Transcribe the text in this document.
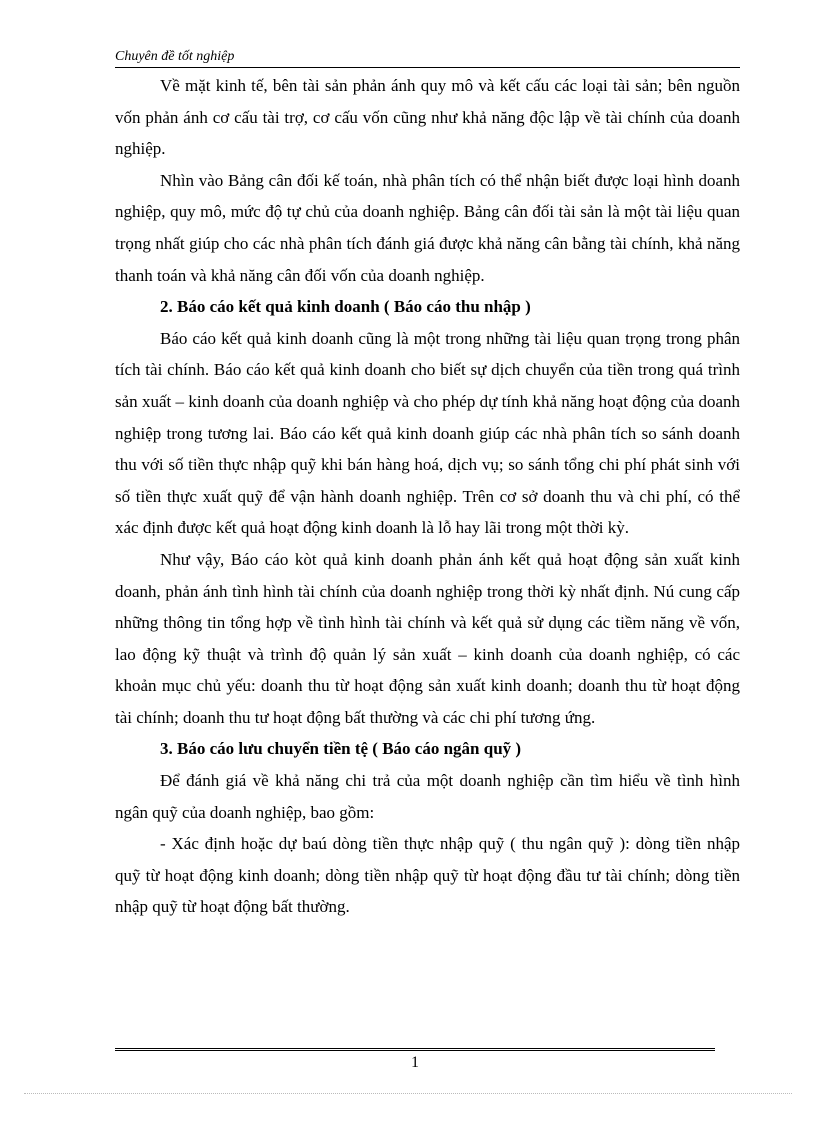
Chuyên đề tốt nghiệp

Về mặt kinh tế, bên tài sản phản ánh quy mô và kết cấu các loại tài sản; bên nguồn vốn phản ánh cơ cấu tài trợ, cơ cấu vốn cũng như khả năng độc lập về tài chính của doanh nghiệp.

Nhìn vào Bảng cân đối kế toán, nhà phân tích có thể nhận biết được loại hình doanh nghiệp, quy mô, mức độ tự chủ của doanh nghiệp. Bảng cân đối tài sản là một tài liệu quan trọng nhất giúp cho các nhà phân tích đánh giá được khả năng cân bằng tài chính, khả năng thanh toán và khả năng cân đối vốn của doanh nghiệp.

2. Báo cáo kết quả kinh doanh ( Báo cáo thu nhập )

Báo cáo kết quả kinh doanh cũng là một trong những tài liệu quan trọng trong phân tích tài chính. Báo cáo kết quả kinh doanh cho biết sự dịch chuyển của tiền trong quá trình sản xuất – kinh doanh của doanh nghiệp và cho phép dự tính khả năng hoạt động của doanh nghiệp trong tương lai. Báo cáo kết quả kinh doanh giúp các nhà phân tích so sánh doanh thu với số tiền thực nhập quỹ khi bán hàng hoá, dịch vụ; so sánh tổng chi phí phát sinh với số tiền thực xuất quỹ để vận hành doanh nghiệp. Trên cơ sở doanh thu và chi phí, có thể xác định được kết quả hoạt động kinh doanh là lỗ hay lãi trong một thời kỳ.

Như vậy, Báo cáo kòt quả kinh doanh phản ánh kết quả hoạt động sản xuất kinh doanh, phản ánh tình hình tài chính của doanh nghiệp trong thời kỳ nhất định. Nú cung cấp những thông tin tổng hợp về tình hình tài chính và kết quả sử dụng các tiềm năng về vốn, lao động kỹ thuật và trình độ quản lý sản xuất – kinh doanh của doanh nghiệp, có các khoản mục chủ yếu: doanh thu từ hoạt động sản xuất kinh doanh; doanh thu từ hoạt động tài chính; doanh thu tư hoạt động bất thường và các chi phí tương ứng.

3. Báo cáo lưu chuyển tiền tệ ( Báo cáo ngân quỹ )

Để đánh giá về khả năng chi trả của một doanh nghiệp cần tìm hiểu về tình hình ngân quỹ của doanh nghiệp, bao gồm:

- Xác định hoặc dự baú dòng tiền thực nhập quỹ ( thu ngân quỹ ): dòng tiền nhập quỹ từ hoạt động kinh doanh; dòng tiền nhập quỹ từ hoạt động đầu tư tài chính; dòng tiền nhập quỹ từ hoạt động bất thường.

1
